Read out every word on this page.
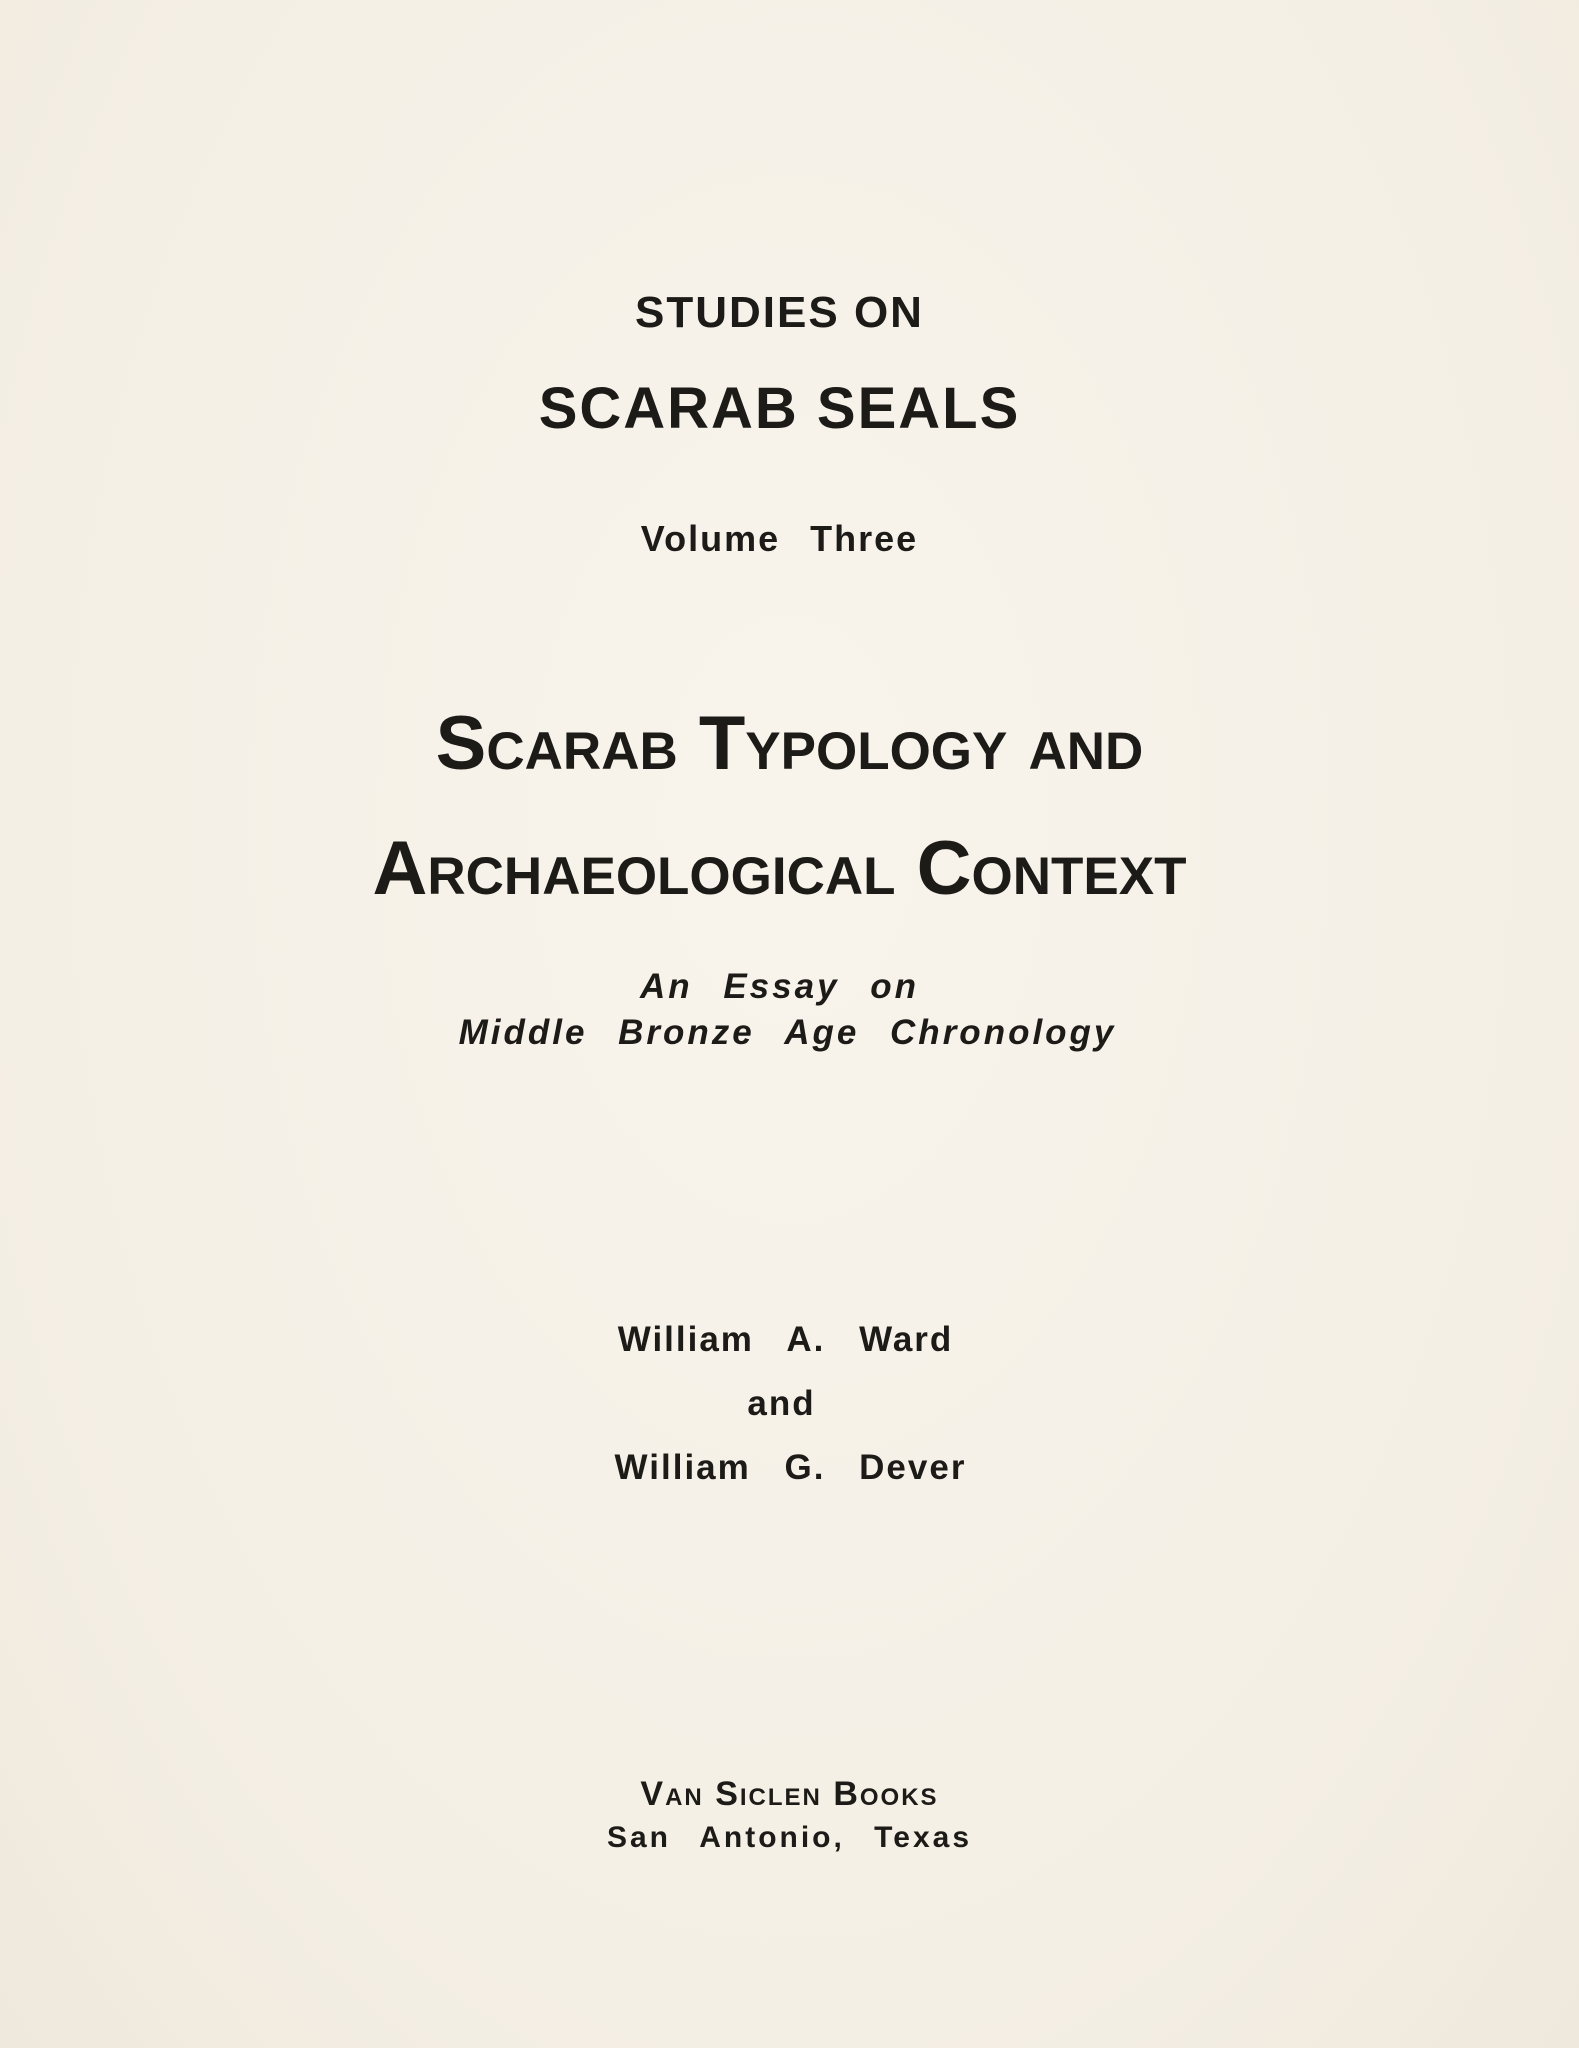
STUDIES ON
SCARAB SEALS
Volume Three
Scarab Typology and
Archaeological Context
An Essay on
Middle Bronze Age Chronology
William A. Ward
and
William G. Dever
Van Siclen Books
San Antonio, Texas
